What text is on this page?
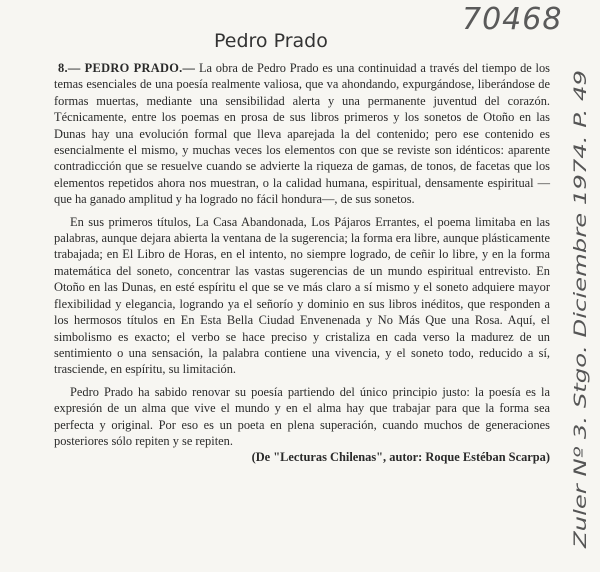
70468
Pedro Prado

8.— PEDRO PRADO.— La obra de Pedro Prado es una continuidad a través del tiempo de los temas esenciales de una poesía realmente valiosa, que va ahondando, expurgándose, liberándose de formas muertas, mediante una sensibilidad alerta y una permanente juventud del corazón. Técnicamente, entre los poemas en prosa de sus libros primeros y los sonetos de Otoño en las Dunas hay una evolución formal que lleva aparejada la del contenido; pero ese contenido es esencialmente el mismo, y muchas veces los elementos con que se reviste son idénticos: aparente contradicción que se resuelve cuando se advierte la riqueza de gamas, de tonos, de facetas que los elementos repetidos ahora nos muestran, o la calidad humana, espiritual, densamente espiritual —que ha ganado amplitud y ha logrado no fácil hondura—, de sus sonetos.

En sus primeros títulos, La Casa Abandonada, Los Pájaros Errantes, el poema limitaba en las palabras, aunque dejara abierta la ventana de la sugerencia; la forma era libre, aunque plásticamente trabajada; en El Libro de Horas, en el intento, no siempre logrado, de ceñir lo libre, y en la forma matemática del soneto, concentrar las vastas sugerencias de un mundo espiritual entrevisto. En Otoño en las Dunas, en esté espíritu el que se ve más claro a sí mismo y el soneto adquiere mayor flexibilidad y elegancia, logrando ya el señorío y dominio en sus libros inéditos, que responden a los hermosos títulos en En Esta Bella Ciudad Envenenada y No Más Que una Rosa. Aquí, el simbolismo es exacto; el verbo se hace preciso y cristaliza en cada verso la madurez de un sentimiento o una sensación, la palabra contiene una vivencia, y el soneto todo, reducido a sí, trasciende, en espíritu, su limitación.

Pedro Prado ha sabido renovar su poesía partiendo del único principio justo: la poesía es la expresión de un alma que vive el mundo y en el alma hay que trabajar para que la forma sea perfecta y original. Por eso es un poeta en plena superación, cuando muchos de generaciones posteriores sólo repiten y se repiten.

(De "Lecturas Chilenas", autor: Roque Estéban Scarpa) Zuler Nº 3. Stgo. Diciembre 1974. P. 49
